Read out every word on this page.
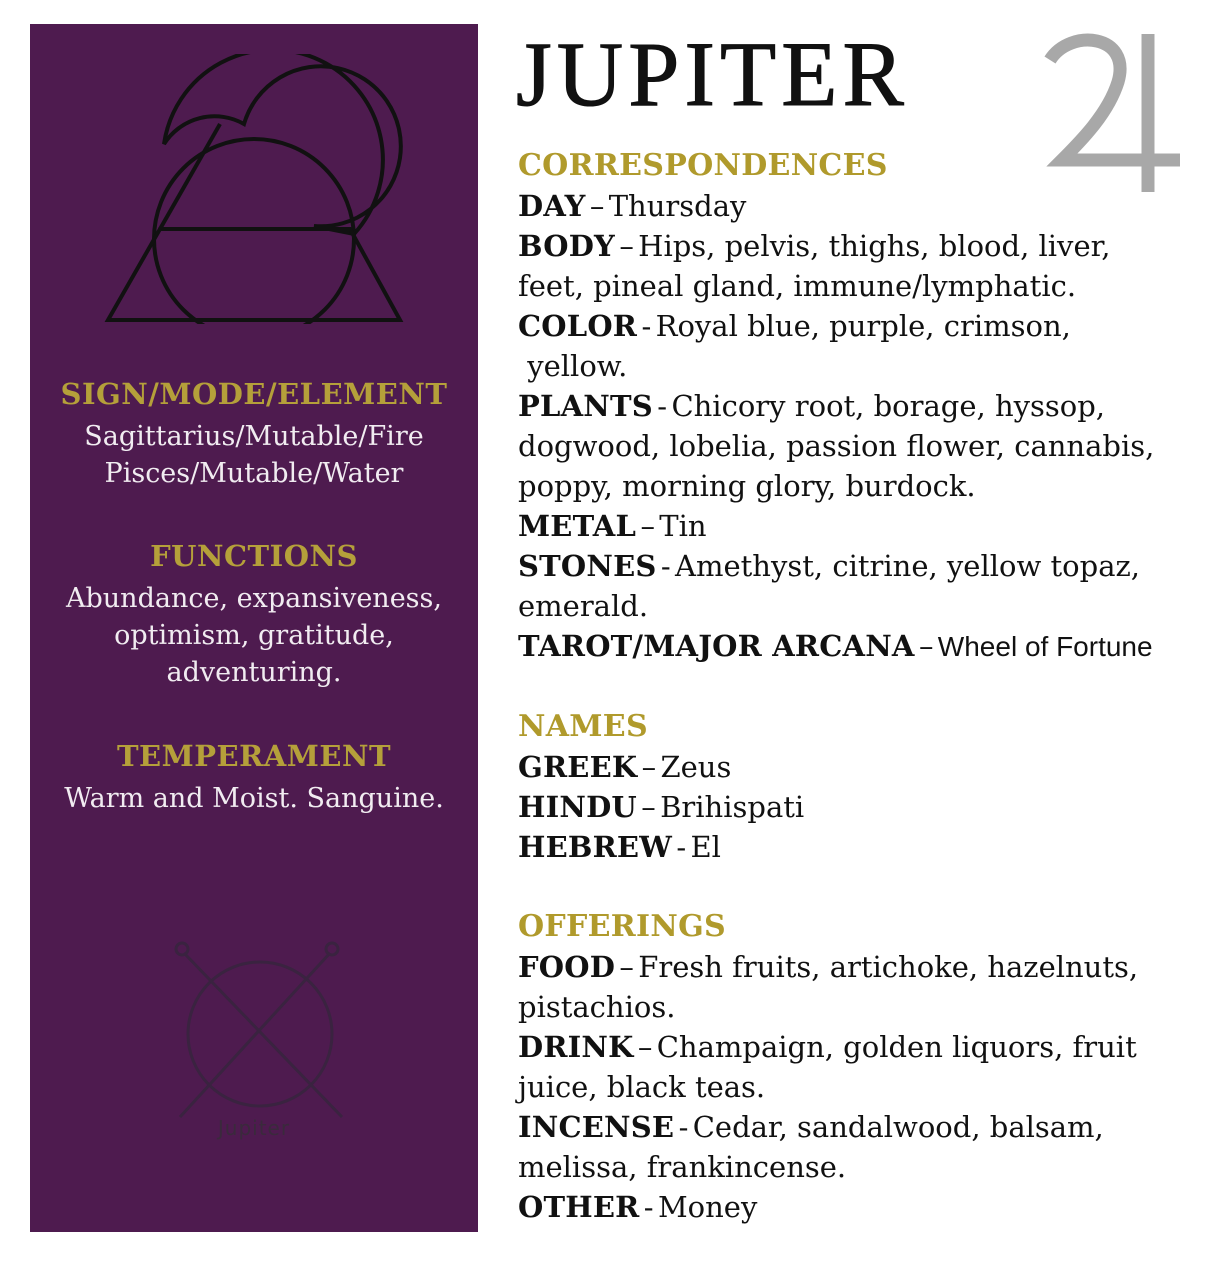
SIGN/MODE/ELEMENT

Sagittarius/Mutable/Fire
Pisces/Mutable/Water

FUNCTIONS

Abundance, expansiveness,
optimism, gratitude,
adventuring.

TEMPERAMENT

Warm and Moist. Sanguine.

Jupiter
JUPITER

CORRESPONDENCES

DAY – Thursday

BODY – Hips, pelvis, thighs, blood, liver,
feet, pineal gland, immune/lymphatic.

COLOR - Royal blue, purple, crimson,
yellow.

PLANTS - Chicory root, borage, hyssop,
dogwood, lobelia, passion flower, cannabis,
poppy, morning glory, burdock.

METAL – Tin

STONES - Amethyst, citrine, yellow topaz,
emerald.

TAROT/MAJOR ARCANA – Wheel of Fortune

NAMES

GREEK – Zeus

HINDU – Brihispati

HEBREW - El

OFFERINGS

FOOD – Fresh fruits, artichoke, hazelnuts,
pistachios.

DRINK – Champaign, golden liquors, fruit
juice, black teas.

INCENSE - Cedar, sandalwood, balsam,
melissa, frankincense.

OTHER - Money
